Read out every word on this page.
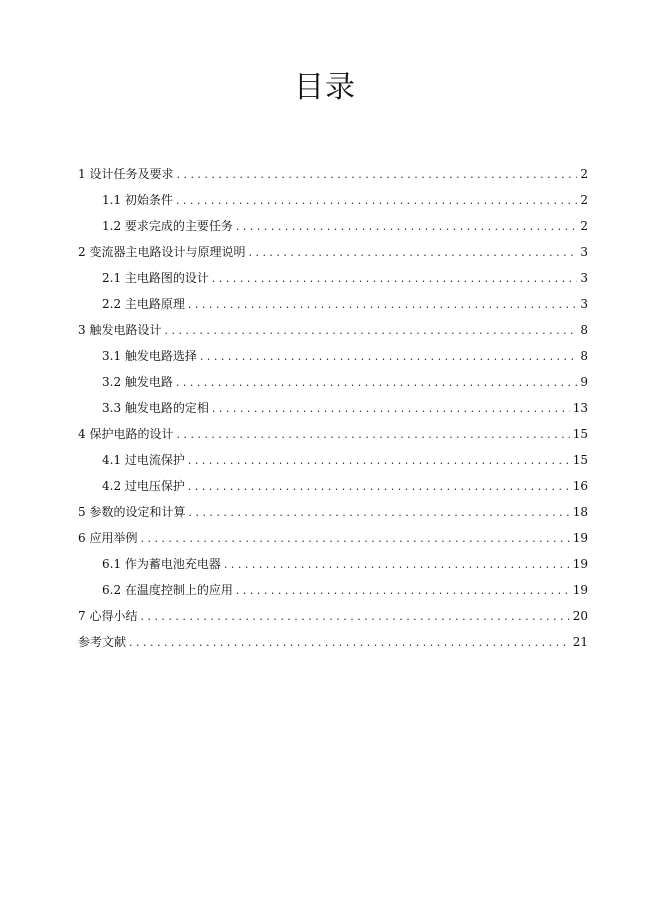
目录
1 设计任务及要求 . . .	2
1.1 初始条件 . . .	2
1.2 要求完成的主要任务 . . .	2
2 变流器主电路设计与原理说明 . . .	3
2.1 主电路图的设计 . . .	3
2.2 主电路原理 . . .	3
3 触发电路设计 . . .	8
3.1 触发电路选择 . . .	8
3.2 触发电路 . . .	9
3.3 触发电路的定相 . . .	13
4 保护电路的设计 . . .	15
4.1 过电流保护 . . .	15
4.2 过电压保护 . . .	16
5 参数的设定和计算 . . .	18
6 应用举例 . . .	19
6.1 作为蓄电池充电器 . . .	19
6.2 在温度控制上的应用 . . .	19
7 心得小结 . . .	20
参考文献 . . .	21
